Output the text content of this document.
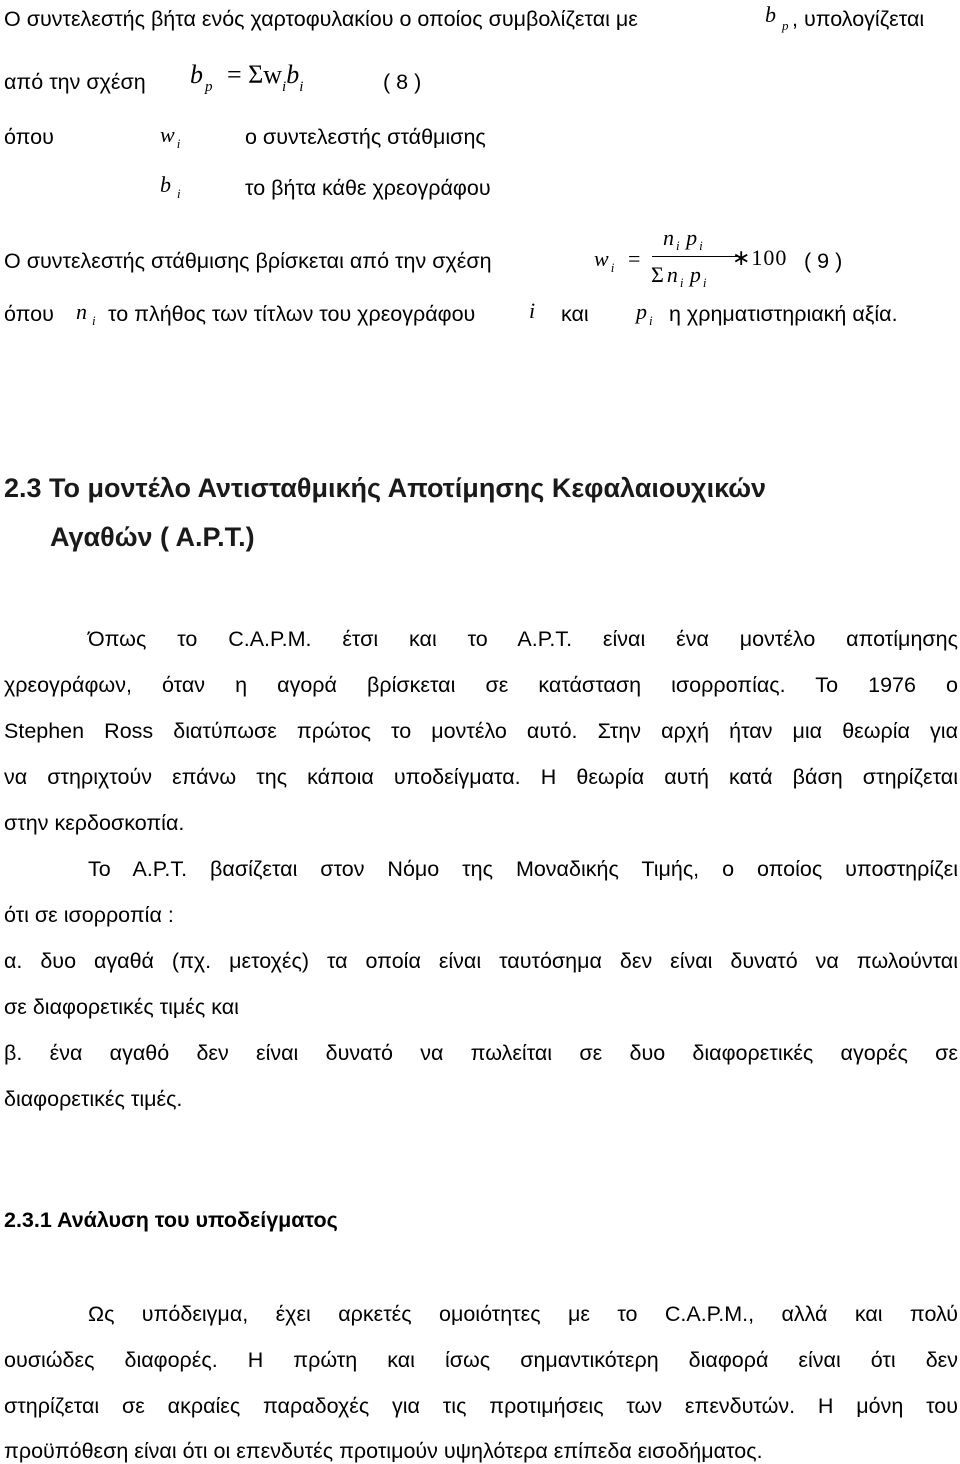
Ο συντελεστής βήτα ενός χαρτοφυλακίου ο οποίος συμβολίζεται με	b $_p$ , υπολογίζεται
από την σχέση bp = Σwibi	( 8 )
όπου	w $_i$	ο συντελεστής στάθμισης
b $_i$	το βήτα κάθε χρεογράφου
Ο συντελεστής στάθμισης βρίσκεται από την σχέση	w $_i$ =
n $_i$ p $_i$
Σ n $_i$ p $_i$
∗100 ( 9 )
όπου n $_i$ το πλήθος των τίτλων του χρεογράφου i και p $_i$ η χρηματιστηριακή αξία.
2.3 Το μοντέλο Αντισταθμικής Αποτίμησης Κεφαλαιουχικών
Αγαθών ( Α.Ρ.Τ.)
Όπως το C.A.P.M. έτσι και το Α.Ρ.Τ. είναι ένα μοντέλο αποτίμησης
χρεογράφων, όταν η αγορά βρίσκεται σε κατάσταση ισορροπίας. Το 1976 ο
Stephen Ross διατύπωσε πρώτος το μοντέλο αυτό. Στην αρχή ήταν μια θεωρία για
να στηριχτούν επάνω της κάποια υποδείγματα. Η θεωρία αυτή κατά βάση στηρίζεται
στην κερδοσκοπία.
Το Α.Ρ.Τ. βασίζεται στον Νόμο της Μοναδικής Τιμής, ο οποίος υποστηρίζει
ότι σε ισορροπία :
α. δυο αγαθά (πχ. μετοχές) τα οποία είναι ταυτόσημα δεν είναι δυνατό να πωλούνται
σε διαφορετικές τιμές και
β. ένα αγαθό δεν είναι δυνατό να πωλείται σε δυο διαφορετικές αγορές σε
διαφορετικές τιμές.
2.3.1 Ανάλυση του υποδείγματος
Ως υπόδειγμα, έχει αρκετές ομοιότητες με το C.A.P.M., αλλά και πολύ
ουσιώδες διαφορές. Η πρώτη και ίσως σημαντικότερη διαφορά είναι ότι δεν
στηρίζεται σε ακραίες παραδοχές για τις προτιμήσεις των επενδυτών. Η μόνη του
προϋπόθεση είναι ότι οι επενδυτές προτιμούν υψηλότερα επίπεδα εισοδήματος.
